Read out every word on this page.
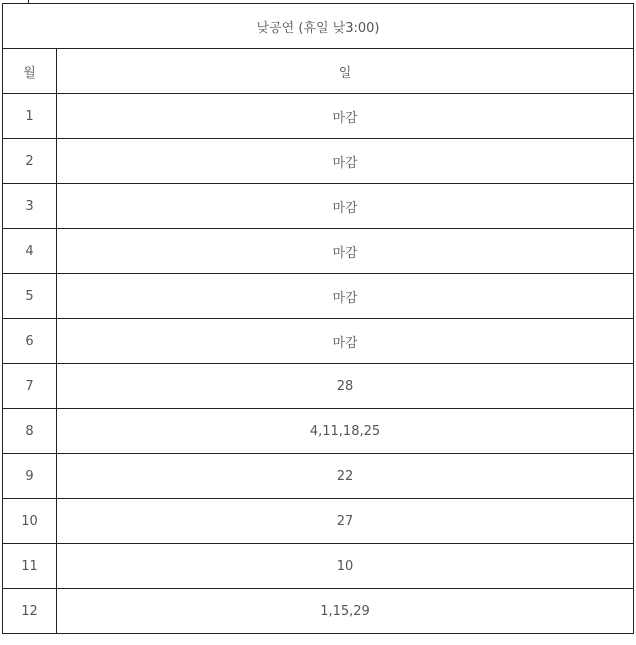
낮공연 (휴일 낮3:00)	
월	일
1	마감
2	마감
3	마감
4	마감
5	마감
6	마감
7	28
8	4,11,18,25
9	22
10	27
11	10
12	1,15,29
